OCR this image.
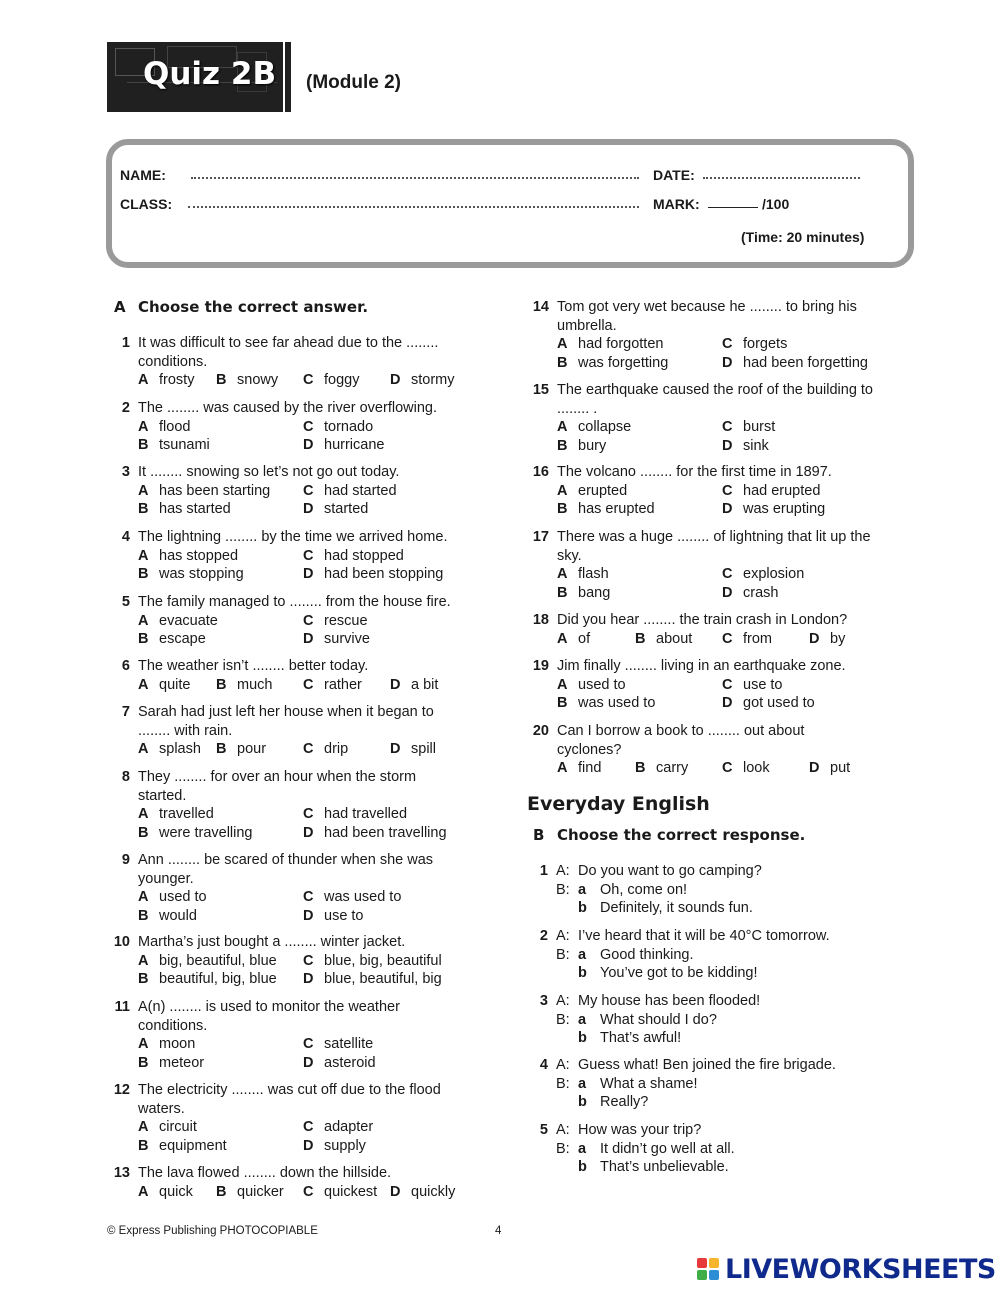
Quiz 2B (Module 2)
NAME:	DATE:
CLASS:	MARK:	/100
(Time: 20 minutes)
A Choose the correct answer.
1 It was difficult to see far ahead due to the ........ conditions.
A frosty B snowy C foggy D stormy
2 The ........ was caused by the river overflowing.
A flood	C tornado
B tsunami	D hurricane
3 It ........ snowing so let’s not go out today.
A has been starting C had started
B has started	D started
4 The lightning ........ by the time we arrived home.
A has stopped	C had stopped
B was stopping	D had been stopping
5 The family managed to ........ from the house fire.
A evacuate	C rescue
B escape	D survive
6 The weather isn’t ........ better today.
A quite B much C rather D a bit
7 Sarah had just left her house when it began to ........ with rain.
A splash B pour	C drip	D spill
8 They ........ for over an hour when the storm started.
A travelled	C had travelled
B were travelling	D had been travelling
9 Ann ........ be scared of thunder when she was younger.
A used to	C was used to
B would	D use to
10 Martha’s just bought a ........ winter jacket.
A big, beautiful, blue C blue, big, beautiful
B beautiful, big, blue D blue, beautiful, big
11 A(n) ........ is used to monitor the weather conditions.
A moon	C satellite
B meteor	D asteroid
12 The electricity ........ was cut off due to the flood waters.
A circuit	C adapter
B equipment	D supply
13 The lava flowed ........ down the hillside.
A quick B quicker C quickest D quickly
14 Tom got very wet because he ........ to bring his umbrella.
A had forgotten	C forgets
B was forgetting	D had been forgetting
15 The earthquake caused the roof of the building to ........ .
A collapse	C burst
B bury	D sink
16 The volcano ........ for the first time in 1897.
A erupted	C had erupted
B has erupted	D was erupting
17 There was a huge ........ of lightning that lit up the sky.
A flash	C explosion
B bang	D crash
18 Did you hear ........ the train crash in London?
A of	B about C from	D by
19 Jim finally ........ living in an earthquake zone.
A used to	C use to
B was used to	D got used to
20 Can I borrow a book to ........ out about cyclones?
A find B carry C look	D put
Everyday English
B Choose the correct response.
1 A: Do you want to go camping?
B: a Oh, come on!
b Definitely, it sounds fun.
2 A: I’ve heard that it will be 40°C tomorrow.
B: a Good thinking.
b You’ve got to be kidding!
3 A: My house has been flooded!
B: a What should I do?
b That’s awful!
4 A: Guess what! Ben joined the fire brigade.
B: a What a shame!
b Really?
5 A: How was your trip?
B: a It didn’t go well at all.
b That’s unbelievable.
© Express Publishing PHOTOCOPIABLE	4
LIVEWORKSHEETS
